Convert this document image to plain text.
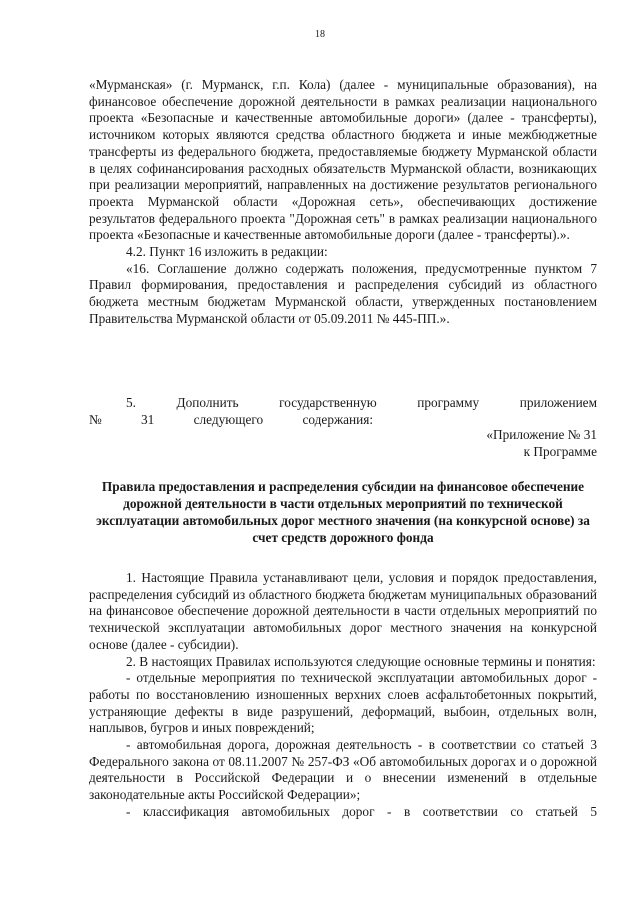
18

«Мурманская» (г. Мурманск, г.п. Кола) (далее - муниципальные образования), на финансовое обеспечение дорожной деятельности в рамках реализации национального проекта «Безопасные и качественные автомобильные дороги» (далее - трансферты), источником которых являются средства областного бюджета и иные межбюджетные трансферты из федерального бюджета, предоставляемые бюджету Мурманской области в целях софинансирования расходных обязательств Мурманской области, возникающих при реализации мероприятий, направленных на достижение результатов регионального проекта Мурманской области «Дорожная сеть», обеспечивающих достижение результатов федерального проекта "Дорожная сеть" в рамках реализации национального проекта «Безопасные и качественные автомобильные дороги (далее - трансферты).».

4.2. Пункт 16 изложить в редакции:

«16. Соглашение должно содержать положения, предусмотренные пунктом 7 Правил формирования, предоставления и распределения субсидий из областного бюджета местным бюджетам Мурманской области, утвержденных постановлением Правительства Мурманской области от 05.09.2011 № 445-ПП.».

5. Дополнить государственную программу приложением № 31 следующего содержания:

«Приложение № 31
к Программе
Правила предоставления и распределения субсидии на финансовое обеспечение дорожной деятельности в части отдельных мероприятий по технической эксплуатации автомобильных дорог местного значения (на конкурсной основе) за счет средств дорожного фонда

1. Настоящие Правила устанавливают цели, условия и порядок предоставления, распределения субсидий из областного бюджета бюджетам муниципальных образований на финансовое обеспечение дорожной деятельности в части отдельных мероприятий по технической эксплуатации автомобильных дорог местного значения на конкурсной основе (далее - субсидии).

2. В настоящих Правилах используются следующие основные термины и понятия:

- отдельные мероприятия по технической эксплуатации автомобильных дорог - работы по восстановлению изношенных верхних слоев асфальтобетонных покрытий, устраняющие дефекты в виде разрушений, деформаций, выбоин, отдельных волн, наплывов, бугров и иных повреждений;

- автомобильная дорога, дорожная деятельность - в соответствии со статьей 3 Федерального закона от 08.11.2007 № 257-ФЗ «Об автомобильных дорогах и о дорожной деятельности в Российской Федерации и о внесении изменений в отдельные законодательные акты Российской Федерации»;

- классификация автомобильных дорог - в соответствии со статьей 5
